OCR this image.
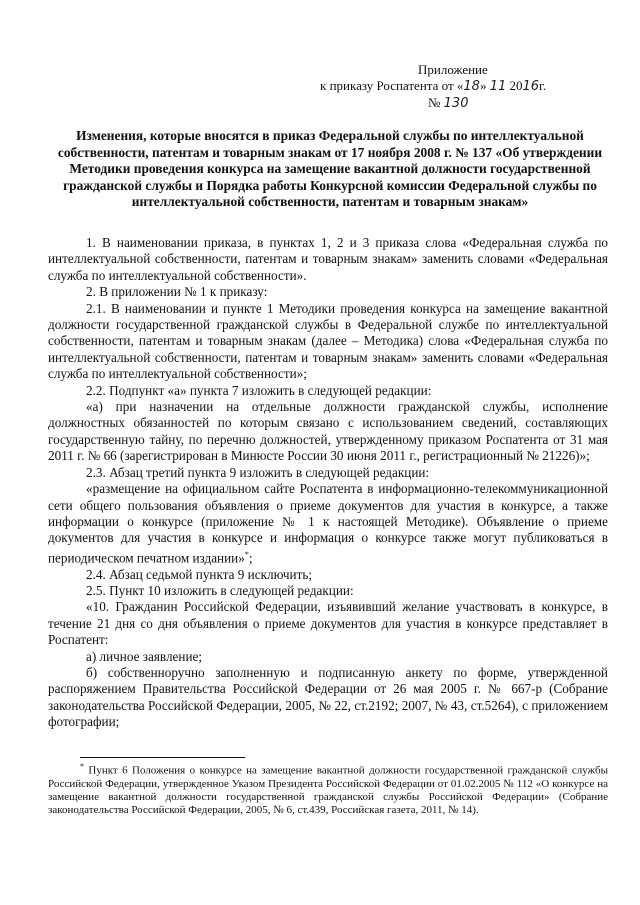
Приложение
к приказу Роспатента от «18» 11 2016г.
№ 130
Изменения, которые вносятся в приказ Федеральной службы по интеллектуальной собственности, патентам и товарным знакам от 17 ноября 2008 г. № 137 «Об утверждении Методики проведения конкурса на замещение вакантной должности государственной гражданской службы и Порядка работы Конкурсной комиссии Федеральной службы по интеллектуальной собственности, патентам и товарным знакам»

1. В наименовании приказа, в пунктах 1, 2 и 3 приказа слова «Федеральная служба по интеллектуальной собственности, патентам и товарным знакам» заменить словами «Федеральная служба по интеллектуальной собственности».

2. В приложении № 1 к приказу:

2.1. В наименовании и пункте 1 Методики проведения конкурса на замещение вакантной должности государственной гражданской службы в Федеральной службе по интеллектуальной собственности, патентам и товарным знакам (далее – Методика) слова «Федеральная служба по интеллектуальной собственности, патентам и товарным знакам» заменить словами «Федеральная служба по интеллектуальной собственности»;

2.2. Подпункт «а» пункта 7 изложить в следующей редакции:

«а) при назначении на отдельные должности гражданской службы, исполнение должностных обязанностей по которым связано с использованием сведений, составляющих государственную тайну, по перечню должностей, утвержденному приказом Роспатента от 31 мая 2011 г. № 66 (зарегистрирован в Минюсте России 30 июня 2011 г., регистрационный № 21226)»;

2.3. Абзац третий пункта 9 изложить в следующей редакции:

«размещение на официальном сайте Роспатента в информационно-телекоммуникационной сети общего пользования объявления о приеме документов для участия в конкурсе, а также информации о конкурсе (приложение № 1 к настоящей Методике). Объявление о приеме документов для участия в конкурсе и информация о конкурсе также могут публиковаться в периодическом печатном издании»*;

2.4. Абзац седьмой пункта 9 исключить;

2.5. Пункт 10 изложить в следующей редакции:

«10. Гражданин Российской Федерации, изъявивший желание участвовать в конкурсе, в течение 21 дня со дня объявления о приеме документов для участия в конкурсе представляет в Роспатент:

а) личное заявление;

б) собственноручно заполненную и подписанную анкету по форме, утвержденной распоряжением Правительства Российской Федерации от 26 мая 2005 г. № 667-р (Собрание законодательства Российской Федерации, 2005, № 22, ст.2192; 2007, № 43, ст.5264), с приложением фотографии;

* Пункт 6 Положения о конкурсе на замещение вакантной должности государственной гражданской службы Российской Федерации, утвержденное Указом Президента Российской Федерации от 01.02.2005 № 112 «О конкурсе на замещение вакантной должности государственной гражданской службы Российской Федерации» (Собрание законодательства Российской Федерации, 2005, № 6, ст.439, Российская газета, 2011, № 14).
